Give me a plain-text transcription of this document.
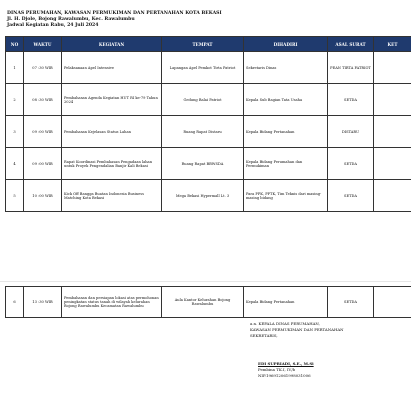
DINAS PERUMAHAN, KAWASAN PERMUKIMAN DAN PERTANAHAN KOTA BEKASI
Jl. H. Djole, Bojong Rawalumbu, Kec. Rawalumbu
Jadwal Kegiatan Rabu, 24 Juli 2024
NO	WAKTU	KEGIATAN	TEMPAT	DIHADIRI	ASAL SURAT	KET
1	07 :30 WIB	Pelaksanaan Apel Intensive	Lapangan Apel Pemkot Tirta Patriot	Sekretaris Dinas	PEAN TIRTA PATRIOT	
2	08 :30 WIB	Pembahasan Agenda Kegiatan HUT RI ke-79 Tahun 2024	Gedung Balai Patriot	Kepala Sub Bagian Tata Usaha	SETDA	
3	09 :00 WIB	Pembahasan Kejelasan Status Lahan	Ruang Rapat Distaru	Kepala Bidang Pertanahan	DISTARU	
4	09 :00 WIB	Rapat Koordinasi Pembahasan Pengadaan lahan untuk Proyek Pengendalian Banjir Kali Bekasi	Ruang Rapat BBWSDA	Kepala Bidang Perumahan dan Permukiman	SETDA	
5	10 :00 WIB	Kick Off Bangga Buatan Indonesia Business Matching Kota Bekasi	Mega Bekasi Hypermall Lt. 3	Para PPK, PPTK, Tim Teknis dari masing-masing bidang	SETDA	
6	13 :30 WIB	Pembahasan dan persiapan lokasi atas permohonan peningkatan status tanah di wilayah kelurahan Bojong Rawalumbu Kecamatan Rawalumbu	Aula Kantor Kelurahan Bojong Rawalumbu	Kepala Bidang Pertanahan	SETDA	
a.n. KEPALA DINAS PERUMAHAN,
KAWASAN PERMUKIMAN DAN PERTANAHAN
SEKRETARIS,
EDI SUPRIADI, S.E., M.Si
Pembina TK.I, IV/b
NIP.196912061998031006
